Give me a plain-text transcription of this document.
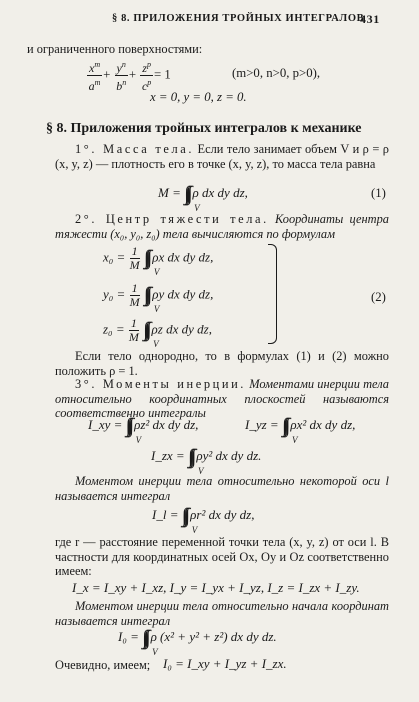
§ 8. ПРИЛОЖЕНИЯ ТРОЙНЫХ ИНТЕГРАЛОВ
431
и ограниченного поверхностями:
$\frac{x^m}{a^m} + \frac{y^n}{b^n} + \frac{z^p}{c^p} = 1$	(m>0, n>0, p>0),
x = 0, y = 0, z = 0.
§ 8. Приложения тройных интегралов к механике
1°. Масса тела. Если тело занимает объем V и ρ = ρ (x, y, z) — плотность его в точке (x, y, z), то масса тела равна
M = ∫∫∫
V
ρ dx dy dz,	(1)
2°. Центр тяжести тела. Координаты центра тяжести (x₀, y₀, z₀) тела вычисляются по формулам
$x_0 = \frac{1}{M}$ ∫∫∫
V
ρx dx dy dz,
$y_0 = \frac{1}{M}$ ∫∫∫
V
ρy dx dy dz,
$z_0 = \frac{1}{M}$ ∫∫∫
V
ρz dx dy dz,
(2)
Если тело однородно, то в формулах (1) и (2) можно положить ρ = 1.
3°. Моменты инерции. Моментами инерции тела относительно координатных плоскостей называются соответственно интегралы
I_xy = ∫∫∫
V
ρz² dx dy dz,	I_yz = ∫∫∫
V
ρx² dx dy dz,
I_zx = ∫∫∫
V
ρy² dx dy dz.
Моментом инерции тела относительно некоторой оси l называется интеграл
I_l = ∫∫∫
V
ρr² dx dy dz,
где r — расстояние переменной точки тела (x, y, z) от оси l. В частности для координатных осей Ox, Oy и Oz соответственно имеем:
I_x = I_xy + I_xz, I_y = I_yx + I_yz, I_z = I_zx + I_zy.
Моментом инерции тела относительно начала координат называется интеграл
I₀ = ∫∫∫
V
ρ (x² + y² + z²) dx dy dz.
Очевидно, имеем; I₀ = I_xy + I_yz + I_zx.
